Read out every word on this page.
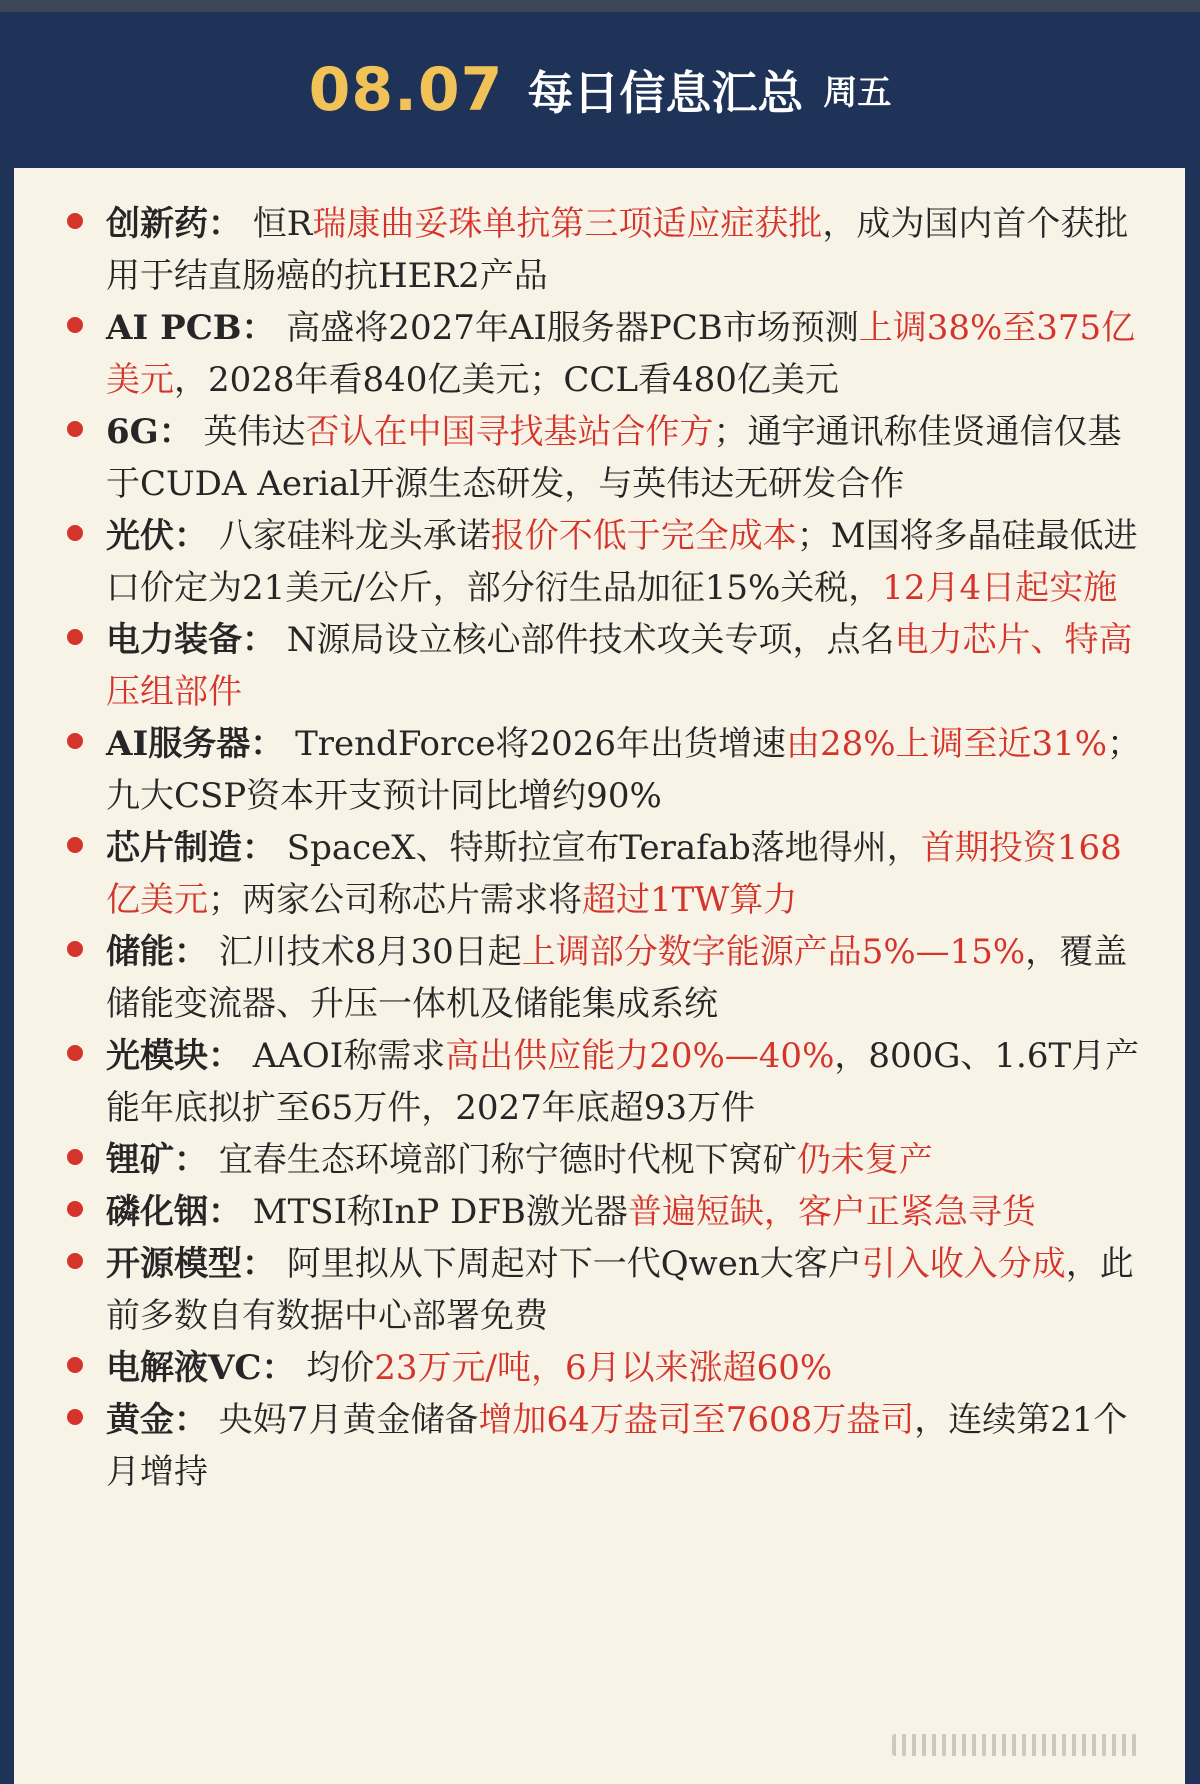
08.07 每日信息汇总 周五
创新药： 恒R瑞康曲妥珠单抗第三项适应症获批，成为国内首个获批用于结直肠癌的抗HER2产品
AI PCB： 高盛将2027年AI服务器PCB市场预测上调38%至375亿美元，2028年看840亿美元；CCL看480亿美元
6G： 英伟达否认在中国寻找基站合作方；通宇通讯称佳贤通信仅基于CUDA Aerial开源生态研发，与英伟达无研发合作
光伏： 八家硅料龙头承诺报价不低于完全成本；M国将多晶硅最低进口价定为21美元/公斤，部分衍生品加征15%关税，12月4日起实施
电力装备： N源局设立核心部件技术攻关专项，点名电力芯片、特高压组部件
AI服务器： TrendForce将2026年出货增速由28%上调至近31%；九大CSP资本开支预计同比增约90%
芯片制造： SpaceX、特斯拉宣布Terafab落地得州，首期投资168亿美元；两家公司称芯片需求将超过1TW算力
储能： 汇川技术8月30日起上调部分数字能源产品5%—15%，覆盖储能变流器、升压一体机及储能集成系统
光模块： AAOI称需求高出供应能力20%—40%，800G、1.6T月产能年底拟扩至65万件，2027年底超93万件
锂矿： 宜春生态环境部门称宁德时代枧下窝矿仍未复产
磷化铟： MTSI称InP DFB激光器普遍短缺，客户正紧急寻货
开源模型： 阿里拟从下周起对下一代Qwen大客户引入收入分成，此前多数自有数据中心部署免费
电解液VC： 均价23万元/吨，6月以来涨超60%
黄金： 央妈7月黄金储备增加64万盎司至7608万盎司，连续第21个月增持
